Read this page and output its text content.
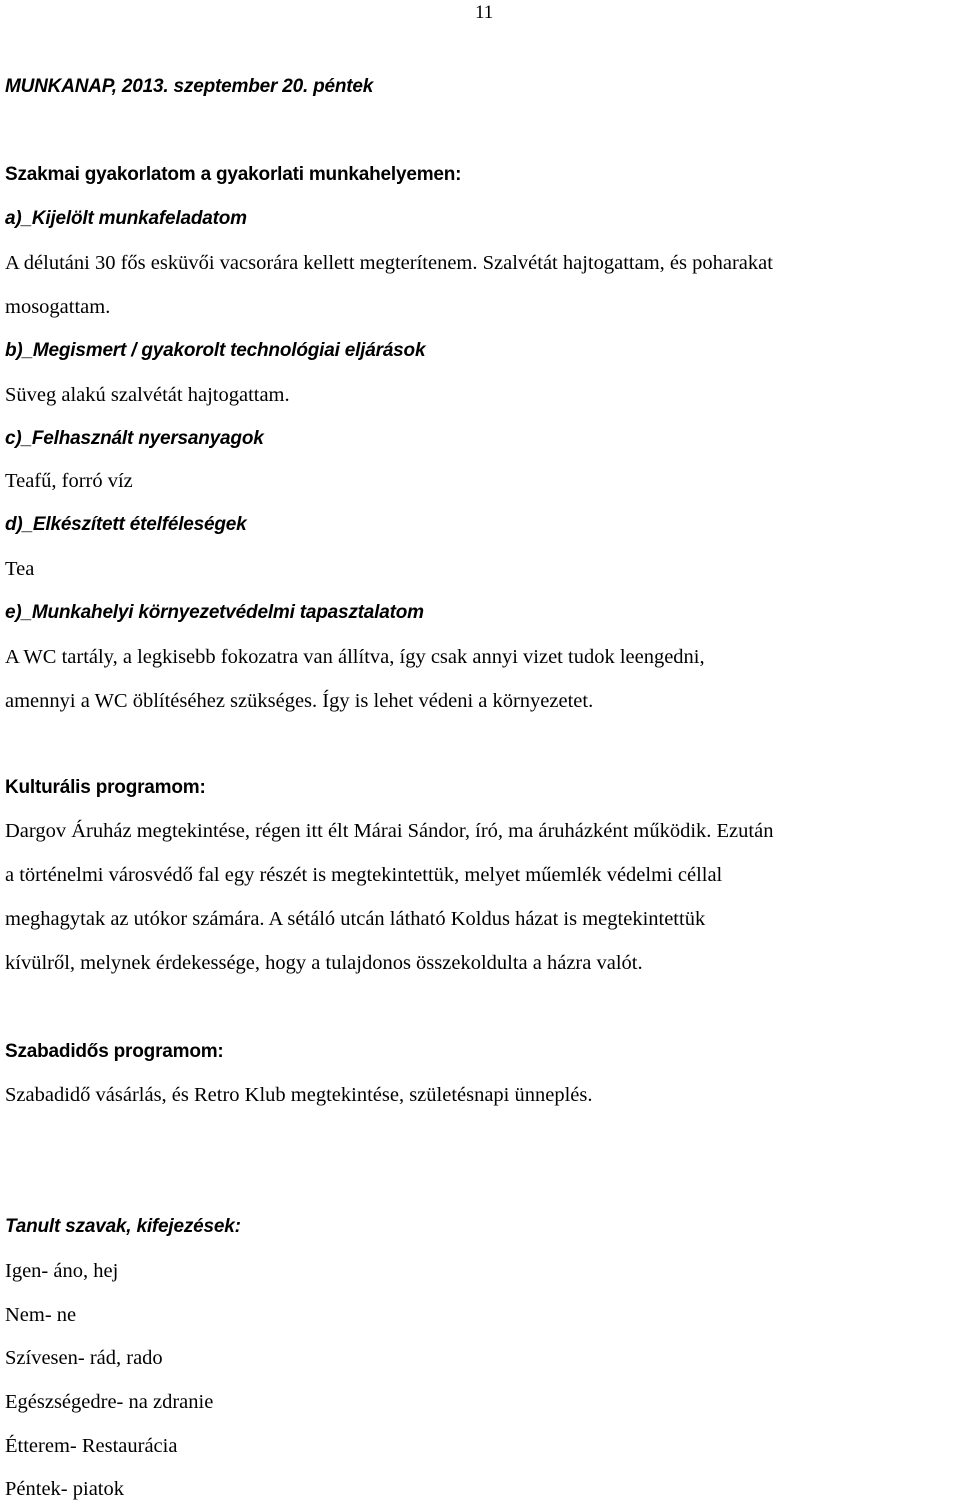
11
MUNKANAP, 2013. szeptember 20. péntek
Szakmai gyakorlatom a gyakorlati munkahelyemen:
a)_Kijelölt munkafeladatom
A délutáni 30 fős esküvői vacsorára kellett megterítenem. Szalvétát hajtogattam, és poharakat
mosogattam.
b)_Megismert / gyakorolt technológiai eljárások
Süveg alakú szalvétát hajtogattam.
c)_Felhasznált nyersanyagok
Teafű, forró víz
d)_Elkészített ételféleségek
Tea
e)_Munkahelyi környezetvédelmi tapasztalatom
A WC tartály, a legkisebb fokozatra van állítva, így csak annyi vizet tudok leengedni,
amennyi a WC öblítéséhez szükséges. Így is lehet védeni a környezetet.
Kulturális programom:
Dargov Áruház megtekintése, régen itt élt Márai Sándor, író, ma áruházként működik. Ezután
a történelmi városvédő fal egy részét is megtekintettük, melyet műemlék védelmi céllal
meghagytak az utókor számára. A sétáló utcán látható Koldus házat is megtekintettük
kívülről, melynek érdekessége, hogy a tulajdonos összekoldulta a házra valót.
Szabadidős programom:
Szabadidő vásárlás, és Retro Klub megtekintése, születésnapi ünneplés.
Tanult szavak, kifejezések:
Igen- áno, hej
Nem- ne
Szívesen- rád, rado
Egészségedre- na zdranie
Étterem- Restaurácia
Péntek- piatok
